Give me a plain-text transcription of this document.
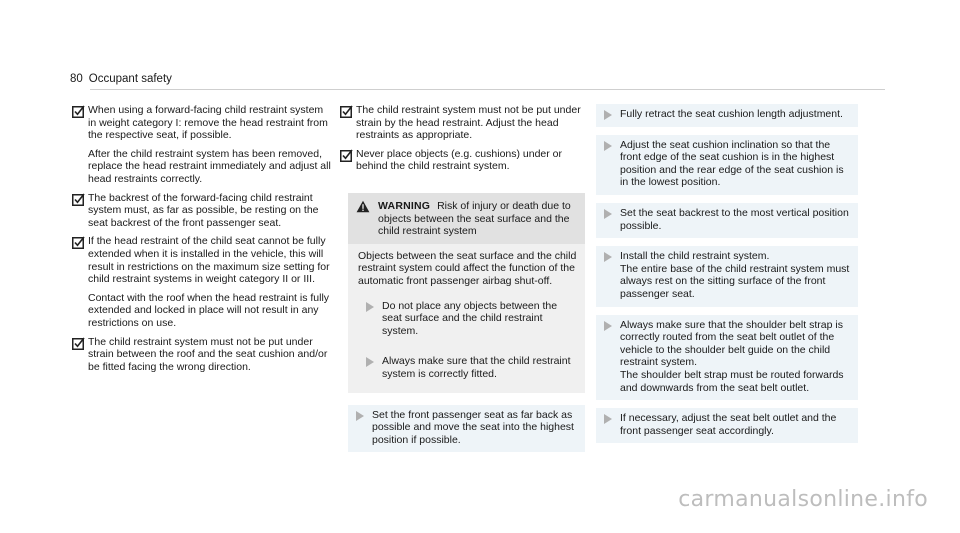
80 Occupant safety

When using a forward-facing child restraint system in weight category I: remove the head restraint from the respective seat, if possible.

After the child restraint system has been removed, replace the head restraint immediately and adjust all head restraints correctly.

The backrest of the forward-facing child restraint system must, as far as possible, be resting on the seat backrest of the front passenger seat.

If the head restraint of the child seat cannot be fully extended when it is installed in the vehicle, this will result in restrictions on the maximum size setting for child restraint systems in weight category II or III.

Contact with the roof when the head restraint is fully extended and locked in place will not result in any restrictions on use.

The child restraint system must not be put under strain between the roof and the seat cushion and/or be fitted facing the wrong direction.

The child restraint system must not be put under strain by the head restraint. Adjust the head restraints as appropriate.

Never place objects (e.g. cushions) under or behind the child restraint system.

WARNING Risk of injury or death due to objects between the seat surface and the child restraint system

Objects between the seat surface and the child restraint system could affect the function of the automatic front passenger airbag shut-off.

Do not place any objects between the seat surface and the child restraint system.
Always make sure that the child restraint system is correctly fitted.
Set the front passenger seat as far back as possible and move the seat into the highest position if possible.
Fully retract the seat cushion length adjustment.
Adjust the seat cushion inclination so that the front edge of the seat cushion is in the highest position and the rear edge of the seat cushion is in the lowest position.
Set the seat backrest to the most vertical position possible.
Install the child restraint system.
The entire base of the child restraint system must always rest on the sitting surface of the front passenger seat.
Always make sure that the shoulder belt strap is correctly routed from the seat belt outlet of the vehicle to the shoulder belt guide on the child restraint system.
The shoulder belt strap must be routed forwards and downwards from the seat belt outlet.
If necessary, adjust the seat belt outlet and the front passenger seat accordingly.
carmanualsonline.info
